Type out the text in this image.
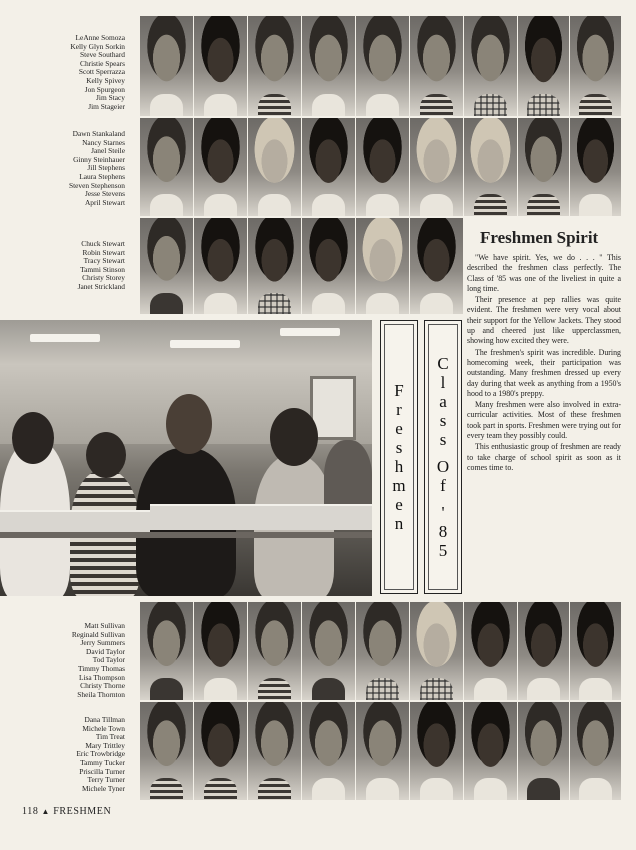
LeAnne Somoza
Kelly Glyn Sorkin
Steve Southard
Christie Spears
Scott Sperrazza
Kelly Spivey
Jon Spurgeon
Jim Stacy
Jim Stageier
Dawn Stankaland
Nancy Starnes
Janel Steile
Ginny Steinhauer
Jill Stephens
Laura Stephens
Steven Stephenson
Jesse Stevens
April Stewart
Chuck Stewart
Robin Stewart
Tracy Stewart
Tammi Stinson
Christy Storey
Janet Strickland
Matt Sullivan
Reginald Sullivan
Jerry Summers
David Taylor
Tod Taylor
Timmy Thomas
Lisa Thompson
Christy Thorne
Sheila Thornton
Dana Tillman
Michele Town
Tim Treat
Mary Trittley
Eric Trowbridge
Tammy Tucker
Priscilla Turner
Terry Turner
Michele Tyner
F
r
e
s
h
m
e
n
C
l
a
s
s
O
f
'
8
5
Freshmen Spirit

"We have spirit. Yes, we do . . . " This described the freshmen class perfectly. The Class of '85 was one of the liveliest in quite a long time.

Their presence at pep rallies was quite evident. The freshmen were very vocal about their support for the Yellow Jackets. They stood up and cheered just like upperclassmen, showing how excited they were.

The freshmen's spirit was incredible. During homecoming week, their participation was outstanding. Many freshmen dressed up every day during that week as anything from a 1950's hood to a 1980's preppy.

Many freshmen were also involved in extra-curricular activities. Most of these freshmen took part in sports. Freshmen were trying out for every team they possibly could.

This enthusiastic group of freshmen are ready to take charge of school spirit as soon as it comes time to.

118 ▲ FRESHMEN
